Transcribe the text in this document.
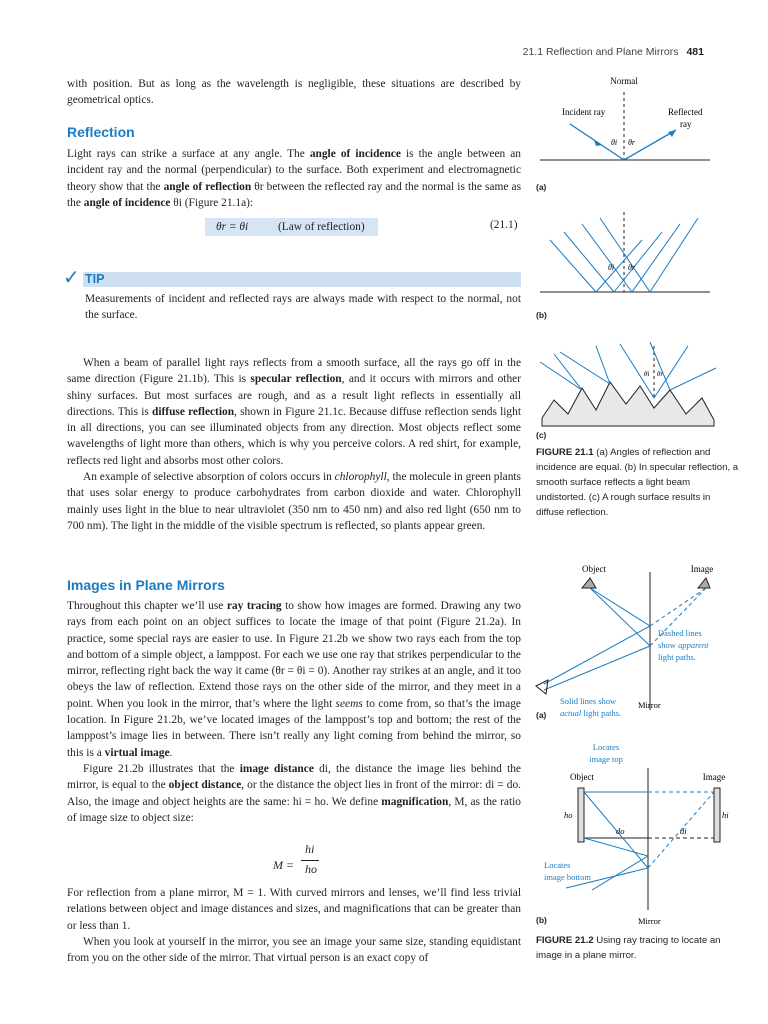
21.1 Reflection and Plane Mirrors 481

with position. But as long as the wavelength is negligible, these situations are described by geometrical optics.

Reflection

Light rays can strike a surface at any angle. The angle of incidence is the angle between an incident ray and the normal (perpendicular) to the surface. Both experiment and electromagnetic theory show that the angle of reflection θr between the reflected ray and the normal is the same as the angle of incidence θi (Figure 21.1a):

θr = θi	(Law of reflection)	(21.1)
✓ TIP
Measurements of incident and reflected rays are always made with respect to the normal, not the surface.

When a beam of parallel light rays reflects from a smooth surface, all the rays go off in the same direction (Figure 21.1b). This is specular reflection, and it occurs with mirrors and other shiny surfaces. But most surfaces are rough, and as a result light reflects in essentially all directions. This is diffuse reflection, shown in Figure 21.1c. Because diffuse reflection sends light in all directions, you can see illuminated objects from any direction. Most objects reflect some wavelengths of light more than others, which is why you perceive colors. A red shirt, for example, reflects red light and absorbs most other colors.

An example of selective absorption of colors occurs in chlorophyll, the molecule in green plants that uses solar energy to produce carbohydrates from carbon dioxide and water. Chlorophyll mainly uses light in the blue to near ultraviolet (350 nm to 450 nm) and also red light (650 nm to 700 nm). The light in the middle of the visible spectrum is reflected, so plants appear green.

Images in Plane Mirrors

Throughout this chapter we’ll use ray tracing to show how images are formed. Drawing any two rays from each point on an object suffices to locate the image of that point (Figure 21.2a). In practice, some special rays are easier to use. In Figure 21.2b we show two rays each from the top and bottom of a simple object, a lamppost. For each we use one ray that strikes perpendicular to the mirror, reflecting right back the way it came (θr = θi = 0). Another ray strikes at an angle, and it too obeys the law of reflection. Extend those rays on the other side of the mirror, and they meet in a point. When you look in the mirror, that’s where the light seems to come from, so that’s the image location. In Figure 21.2b, we’ve located images of the lamppost’s top and bottom; the rest of the lamppost’s image lies in between. There isn’t really any light coming from behind the mirror, so this is a virtual image.

Figure 21.2b illustrates that the image distance di, the distance the image lies behind the mirror, is equal to the object distance, or the distance the object lies in front of the mirror: di = do. Also, the image and object heights are the same: hi = ho. We define magnification, M, as the ratio of image size to object size:

M =
hi
ho

For reflection from a plane mirror, M = 1. With curved mirrors and lenses, we’ll find less trivial relations between object and image distances and sizes, and magnifications that can be greater than or less than 1.

When you look at yourself in the mirror, you see an image your same size, standing equidistant from you on the other side of the mirror. That virtual person is an exact copy of

Normal
Incident ray	Reflected
ray
θi θr
(a)
θi θr
(b)
θi θr
(c)
FIGURE 21.1 (a) Angles of reflection and incidence are equal. (b) In specular reflection, a smooth surface reflects a light beam undistorted. (c) A rough surface results in diffuse reflection.
Object	Image
Dashed lines
show apparent
light paths.
Solid lines show
actual light paths.
Mirror
(a)
Locates
image top
Object	Image
ho	hi
do	di
Locates
image bottom
Mirror
(b)
FIGURE 21.2 Using ray tracing to locate an image in a plane mirror.
